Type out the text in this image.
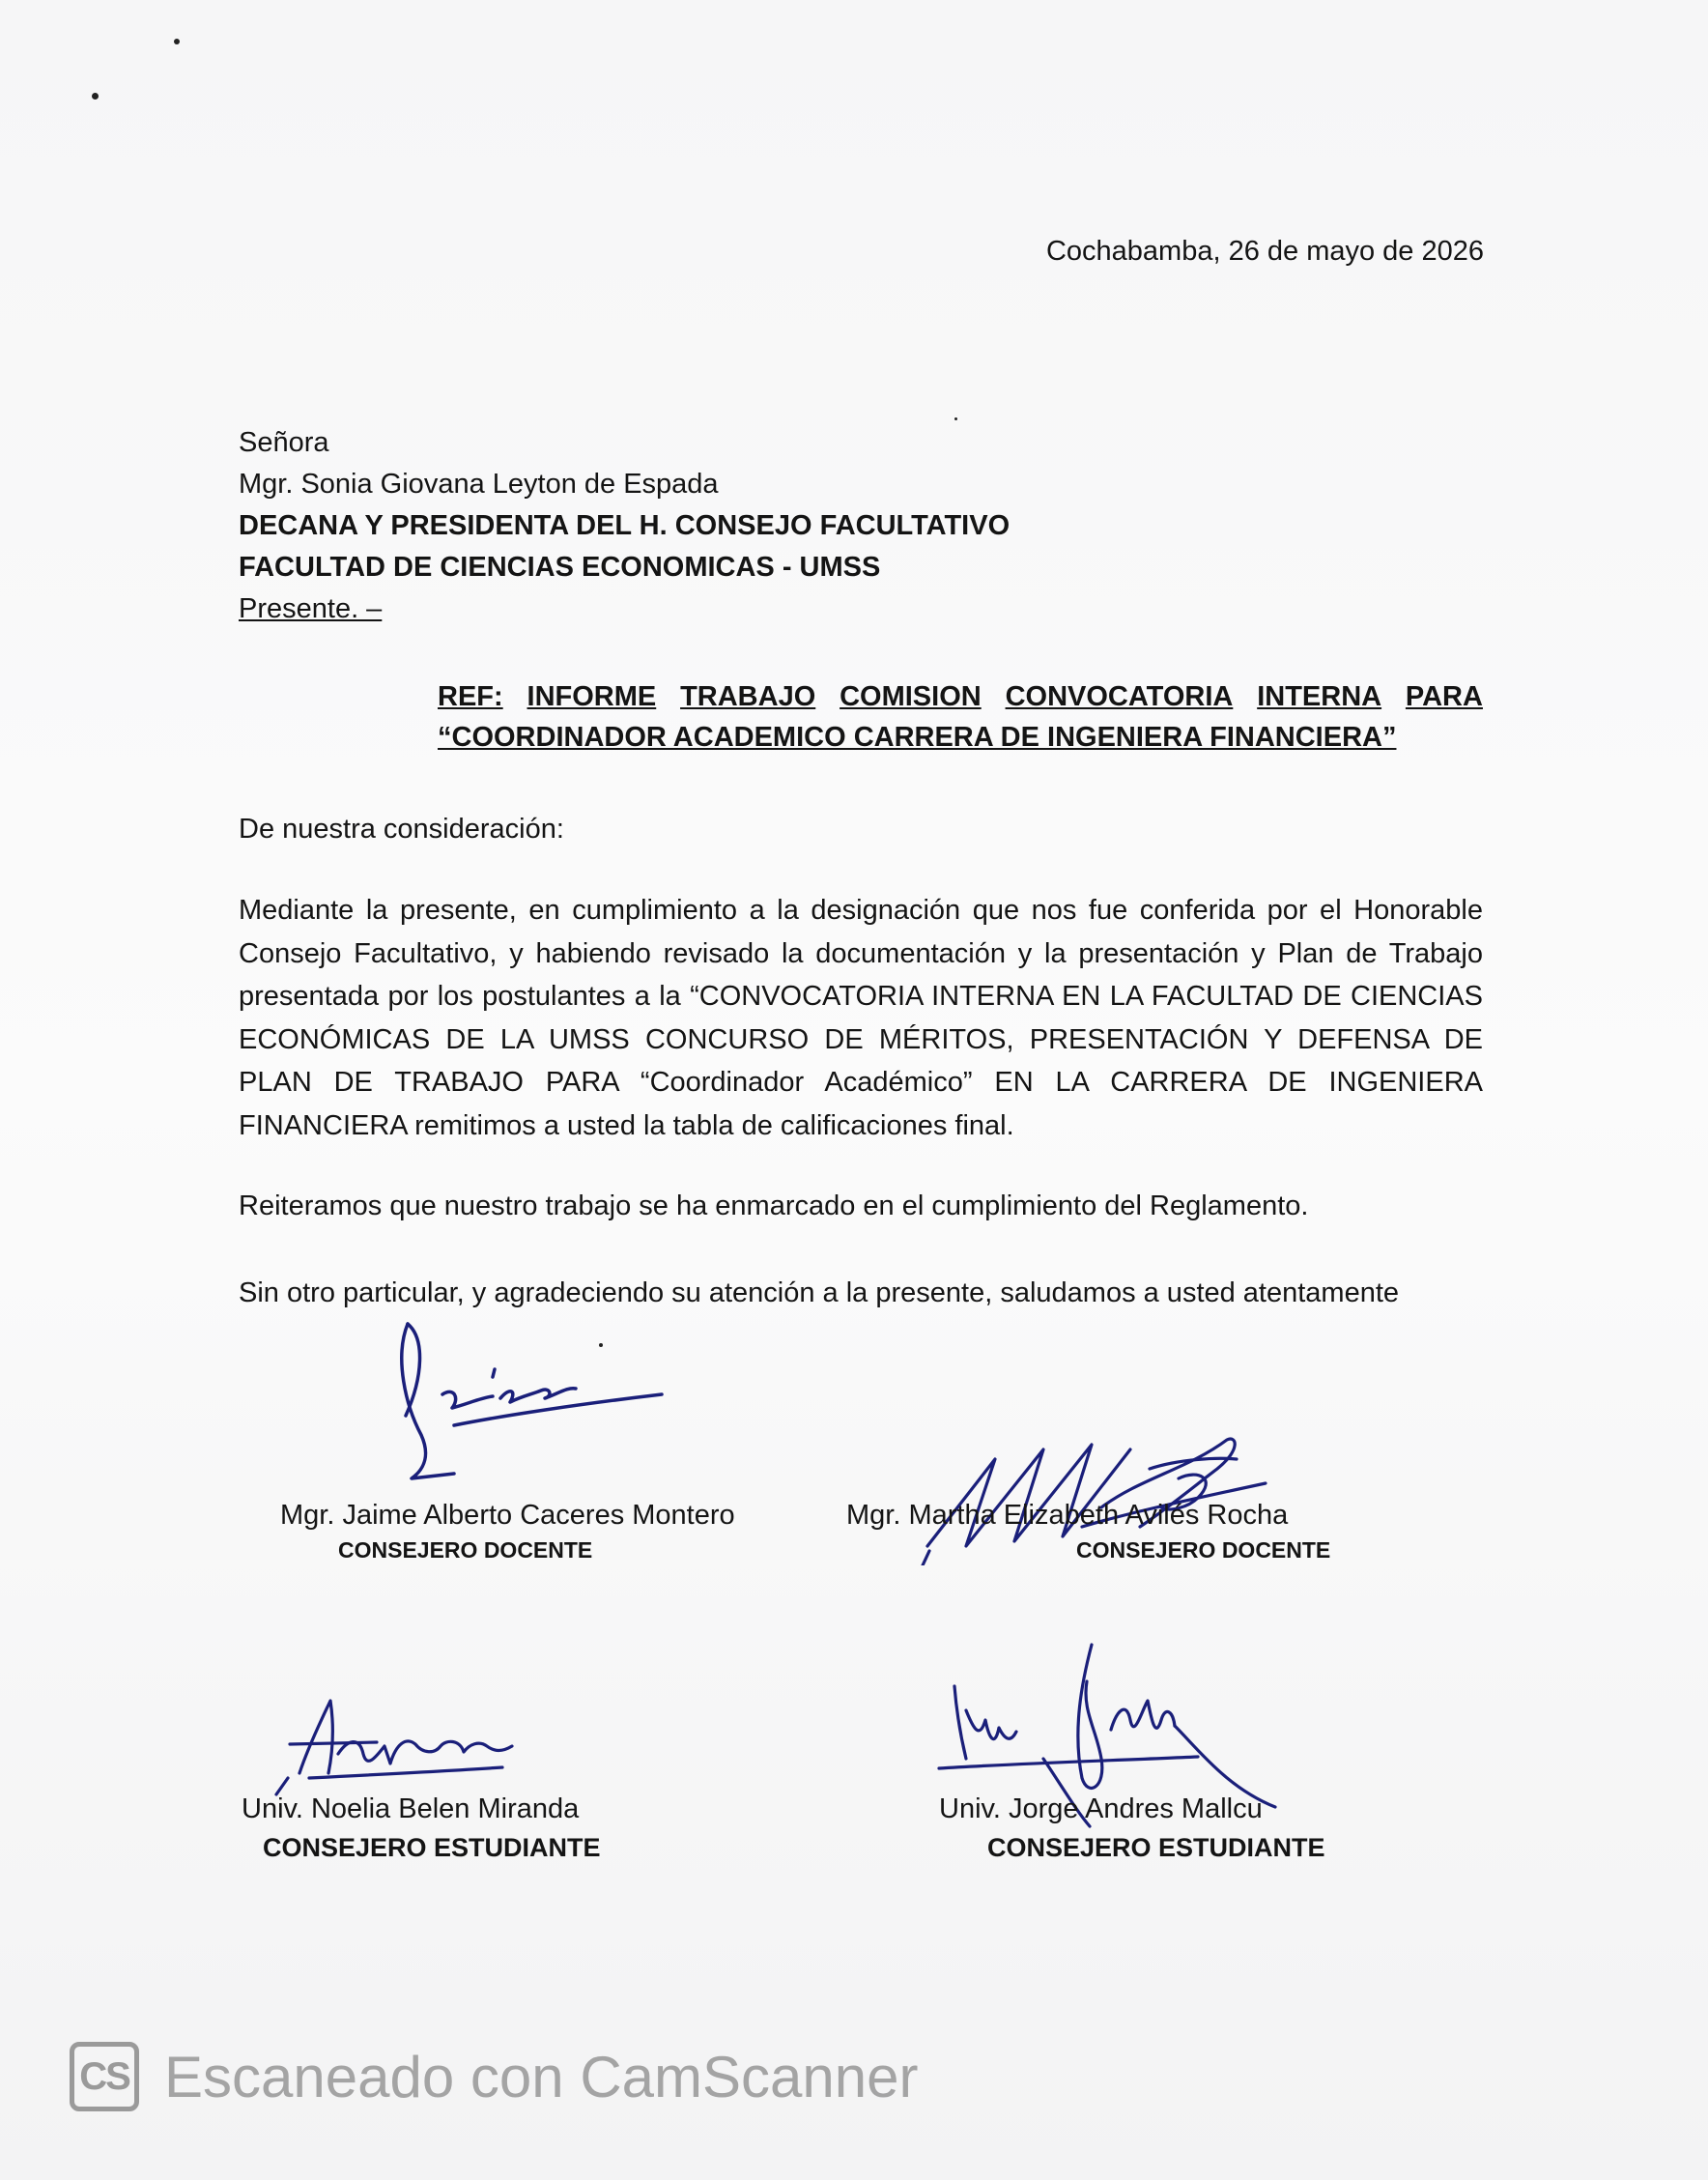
Cochabamba, 26 de mayo de 2026
Señora
Mgr. Sonia Giovana Leyton de Espada
DECANA Y PRESIDENTA DEL H. CONSEJO FACULTATIVO
FACULTAD DE CIENCIAS ECONOMICAS - UMSS
Presente. –
REF: INFORME TRABAJO COMISION CONVOCATORIA INTERNA PARA
“COORDINADOR ACADEMICO CARRERA DE INGENIERA FINANCIERA”
De nuestra consideración:
Mediante la presente, en cumplimiento a la designación que nos fue conferida por el Honorable Consejo Facultativo, y habiendo revisado la documentación y la presentación y Plan de Trabajo presentada por los postulantes a la “CONVOCATORIA INTERNA EN LA FACULTAD DE CIENCIAS ECONÓMICAS DE LA UMSS CONCURSO DE MÉRITOS, PRESENTACIÓN Y DEFENSA DE PLAN DE TRABAJO PARA “Coordinador Académico” EN LA CARRERA DE INGENIERA FINANCIERA remitimos a usted la tabla de calificaciones final.
Reiteramos que nuestro trabajo se ha enmarcado en el cumplimiento del Reglamento.
Sin otro particular, y agradeciendo su atención a la presente, saludamos a usted atentamente
Mgr. Jaime Alberto Caceres Montero
CONSEJERO DOCENTE
Mgr. Martha Elizabeth Avilés Rocha
CONSEJERO DOCENTE
Univ. Noelia Belen Miranda
CONSEJERO ESTUDIANTE
Univ. Jorge Andres Mallcu
CONSEJERO ESTUDIANTE
CS Escaneado con CamScanner
